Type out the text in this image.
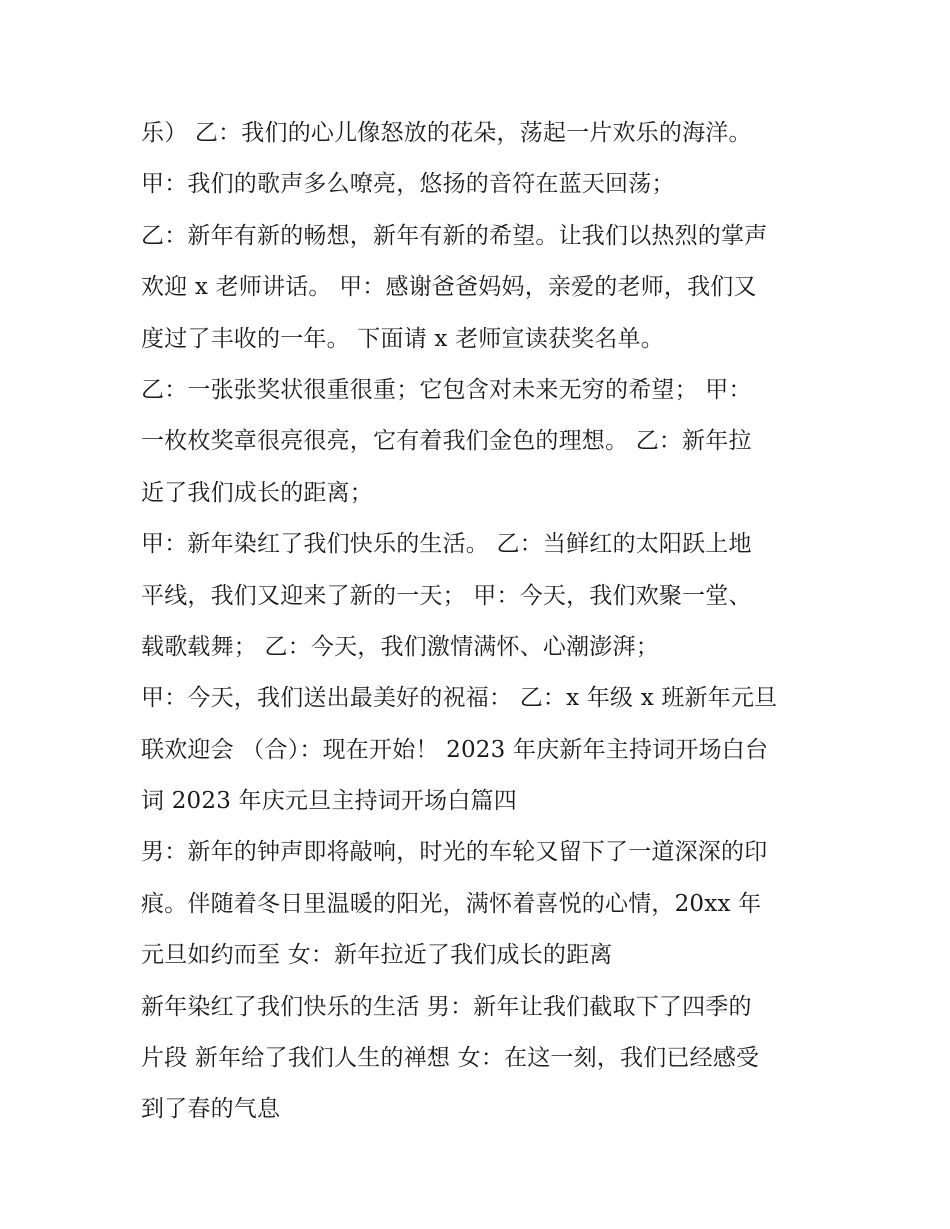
乐） 乙：我们的心儿像怒放的花朵，荡起一片欢乐的海洋。
甲：我们的歌声多么嘹亮，悠扬的音符在蓝天回荡；
乙：新年有新的畅想，新年有新的希望。让我们以热烈的掌声
欢迎 x 老师讲话。 甲：感谢爸爸妈妈，亲爱的老师，我们又
度过了丰收的一年。 下面请 x 老师宣读获奖名单。
乙：一张张奖状很重很重；它包含对未来无穷的希望； 甲：
一枚枚奖章很亮很亮，它有着我们金色的理想。 乙：新年拉
近了我们成长的距离；
甲：新年染红了我们快乐的生活。 乙：当鲜红的太阳跃上地
平线，我们又迎来了新的一天； 甲：今天，我们欢聚一堂、
载歌载舞； 乙：今天，我们激情满怀、心潮澎湃；
甲：今天，我们送出最美好的祝福： 乙：x 年级 x 班新年元旦
联欢迎会 （合）：现在开始！ 2023 年庆新年主持词开场白台
词 2023 年庆元旦主持词开场白篇四
男：新年的钟声即将敲响，时光的车轮又留下了一道深深的印
痕。伴随着冬日里温暖的阳光，满怀着喜悦的心情，20xx 年
元旦如约而至 女：新年拉近了我们成长的距离
新年染红了我们快乐的生活 男：新年让我们截取下了四季的
片段 新年给了我们人生的禅想 女：在这一刻，我们已经感受
到了春的气息
